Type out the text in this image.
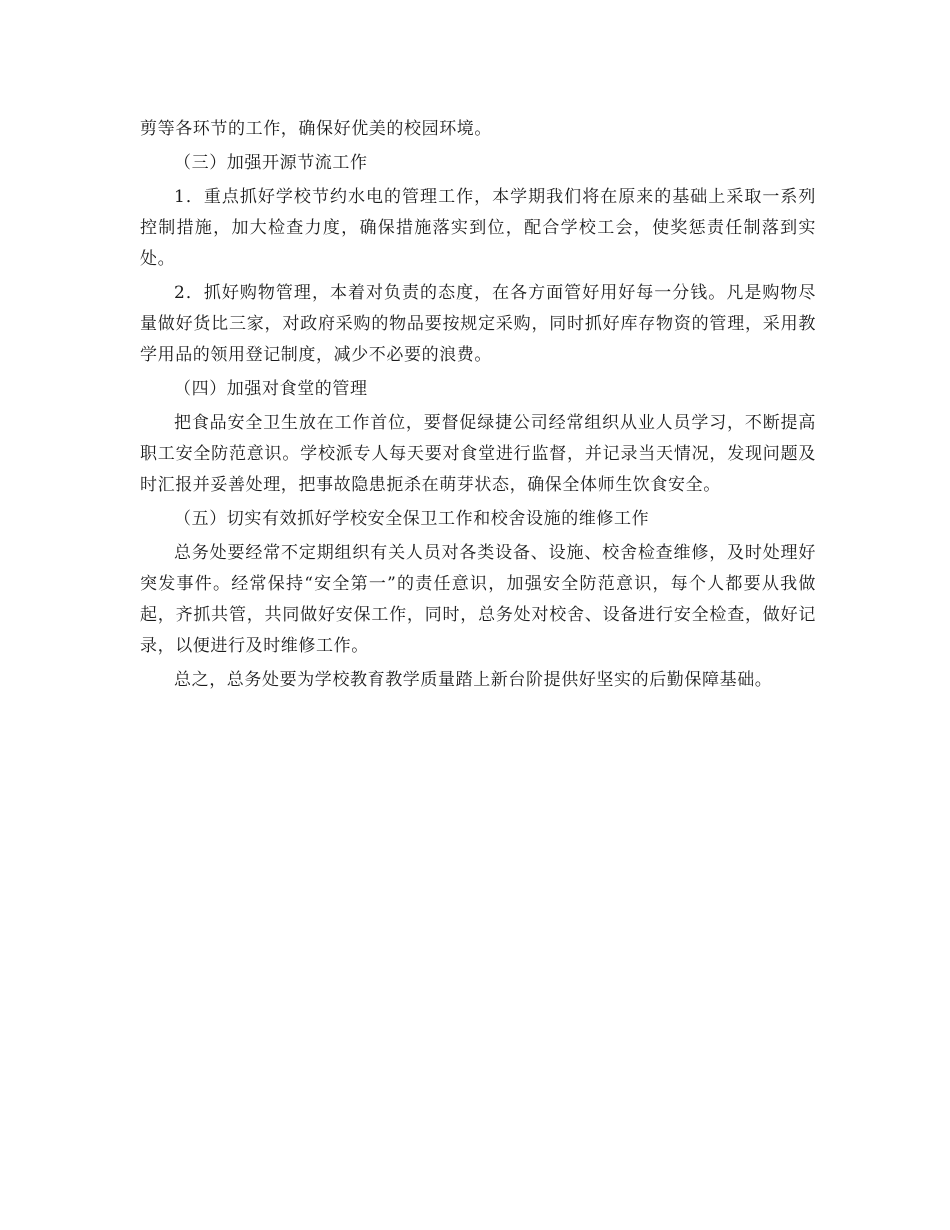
剪等各环节的工作，确保好优美的校园环境。

（三）加强开源节流工作

1．重点抓好学校节约水电的管理工作，本学期我们将在原来的基础上采取一系列控制措施，加大检查力度，确保措施落实到位，配合学校工会，使奖惩责任制落到实处。

2．抓好购物管理，本着对负责的态度，在各方面管好用好每一分钱。凡是购物尽量做好货比三家，对政府采购的物品要按规定采购，同时抓好库存物资的管理，采用教学用品的领用登记制度，减少不必要的浪费。

（四）加强对食堂的管理

把食品安全卫生放在工作首位，要督促绿捷公司经常组织从业人员学习，不断提高职工安全防范意识。学校派专人每天要对食堂进行监督，并记录当天情况，发现问题及时汇报并妥善处理，把事故隐患扼杀在萌芽状态，确保全体师生饮食安全。

（五）切实有效抓好学校安全保卫工作和校舍设施的维修工作

总务处要经常不定期组织有关人员对各类设备、设施、校舍检查维修，及时处理好突发事件。经常保持“安全第一”的责任意识，加强安全防范意识，每个人都要从我做起，齐抓共管，共同做好安保工作，同时，总务处对校舍、设备进行安全检查，做好记录，以便进行及时维修工作。

总之，总务处要为学校教育教学质量踏上新台阶提供好坚实的后勤保障基础。
